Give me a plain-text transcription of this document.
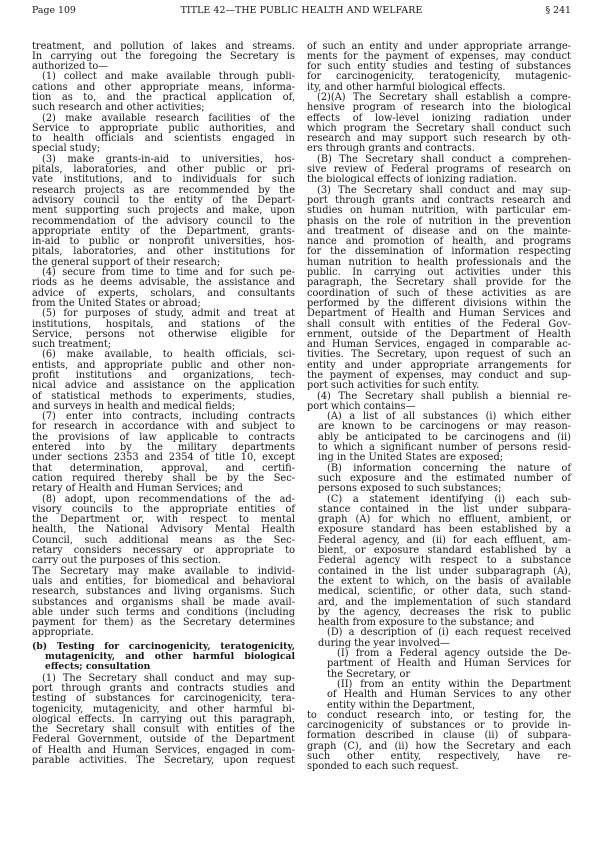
Page 109	TITLE 42—THE PUBLIC HEALTH AND WELFARE	§ 241
treatment, and pollution of lakes and streams.
In carrying out the foregoing the Secretary is
authorized to—
(1) collect and make available through publi-
cations and other appropriate means, informa-
tion as to, and the practical application of,
such research and other activities;
(2) make available research facilities of the
Service to appropriate public authorities, and
to health officials and scientists engaged in
special study;
(3) make grants-in-aid to universities, hos-
pitals, laboratories, and other public or pri-
vate institutions, and to individuals for such
research projects as are recommended by the
advisory council to the entity of the Depart-
ment supporting such projects and make, upon
recommendation of the advisory council to the
appropriate entity of the Department, grants-
in-aid to public or nonprofit universities, hos-
pitals, laboratories, and other institutions for
the general support of their research;
(4) secure from time to time and for such pe-
riods as he deems advisable, the assistance and
advice of experts, scholars, and consultants
from the United States or abroad;
(5) for purposes of study, admit and treat at
institutions, hospitals, and stations of the
Service, persons not otherwise eligible for
such treatment;
(6) make available, to health officials, sci-
entists, and appropriate public and other non-
profit institutions and organizations, tech-
nical advice and assistance on the application
of statistical methods to experiments, studies,
and surveys in health and medical fields;
(7) enter into contracts, including contracts
for research in accordance with and subject to
the provisions of law applicable to contracts
entered into by the military departments
under sections 2353 and 2354 of title 10, except
that determination, approval, and certifi-
cation required thereby shall be by the Sec-
retary of Health and Human Services; and
(8) adopt, upon recommendations of the ad-
visory councils to the appropriate entities of
the Department or, with respect to mental
health, the National Advisory Mental Health
Council, such additional means as the Sec-
retary considers necessary or appropriate to
carry out the purposes of this section.
The Secretary may make available to individ-
uals and entities, for biomedical and behavioral
research, substances and living organisms. Such
substances and organisms shall be made avail-
able under such terms and conditions (including
payment for them) as the Secretary determines
appropriate.
(b) Testing for carcinogenicity, teratogenicity,
mutagenicity, and other harmful biological
effects; consultation
(1) The Secretary shall conduct and may sup-
port through grants and contracts studies and
testing of substances for carcinogenicity, tera-
togenicity, mutagenicity, and other harmful bi-
ological effects. In carrying out this paragraph,
the Secretary shall consult with entities of the
Federal Government, outside of the Department
of Health and Human Services, engaged in com-
parable activities. The Secretary, upon request
of such an entity and under appropriate arrange-
ments for the payment of expenses, may conduct
for such entity studies and testing of substances
for carcinogenicity, teratogenicity, mutagenic-
ity, and other harmful biological effects.
(2)(A) The Secretary shall establish a compre-
hensive program of research into the biological
effects of low-level ionizing radiation under
which program the Secretary shall conduct such
research and may support such research by oth-
ers through grants and contracts.
(B) The Secretary shall conduct a comprehen-
sive review of Federal programs of research on
the biological effects of ionizing radiation.
(3) The Secretary shall conduct and may sup-
port through grants and contracts research and
studies on human nutrition, with particular em-
phasis on the role of nutrition in the prevention
and treatment of disease and on the mainte-
nance and promotion of health, and programs
for the dissemination of information respecting
human nutrition to health professionals and the
public. In carrying out activities under this
paragraph, the Secretary shall provide for the
coordination of such of these activities as are
performed by the different divisions within the
Department of Health and Human Services and
shall consult with entities of the Federal Gov-
ernment, outside of the Department of Health
and Human Services, engaged in comparable ac-
tivities. The Secretary, upon request of such an
entity and under appropriate arrangements for
the payment of expenses, may conduct and sup-
port such activities for such entity.
(4) The Secretary shall publish a biennial re-
port which contains—
(A) a list of all substances (i) which either
are known to be carcinogens or may reason-
ably be anticipated to be carcinogens and (ii)
to which a significant number of persons resid-
ing in the United States are exposed;
(B) information concerning the nature of
such exposure and the estimated number of
persons exposed to such substances;
(C) a statement identifying (i) each sub-
stance contained in the list under subpara-
graph (A) for which no effluent, ambient, or
exposure standard has been established by a
Federal agency, and (ii) for each effluent, am-
bient, or exposure standard established by a
Federal agency with respect to a substance
contained in the list under subparagraph (A),
the extent to which, on the basis of available
medical, scientific, or other data, such stand-
ard, and the implementation of such standard
by the agency, decreases the risk to public
health from exposure to the substance; and
(D) a description of (i) each request received
during the year involved—
(I) from a Federal agency outside the De-
partment of Health and Human Services for
the Secretary, or
(II) from an entity within the Department
of Health and Human Services to any other
entity within the Department,
to conduct research into, or testing for, the
carcinogenicity of substances or to provide in-
formation described in clause (ii) of subpara-
graph (C), and (ii) how the Secretary and each
such other entity, respectively, have re-
sponded to each such request.
